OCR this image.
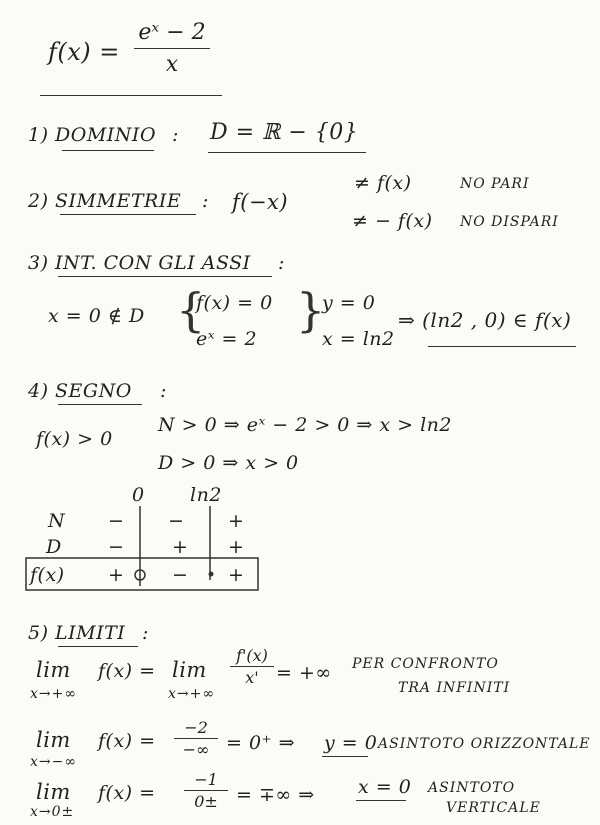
f(x) =
eˣ − 2
x
1) DOMINIO : D = ℝ − {0}
2) SIMMETRIE : f(−x)
≠ f(x)	NO PARI
≠ − f(x) NO DISPARI
3) INT. CON GLI ASSI :
x = 0 ∉ D {
f(x) = 0
eˣ = 2
}
y = 0
x = ln2
⇒ (ln2 , 0) ∈ f(x)
4) SEGNO :
f(x) > 0
N > 0 ⇒ eˣ − 2 > 0 ⇒ x > ln2
D > 0 ⇒ x > 0
0 ln2
N − − +
D −	+ +
f(x) +	− +
5) LIMITI :
lim
x→+∞
f(x) = lim
x→+∞
f'(x)
x' = +∞ PER CONFRONTO
TRA INFINITI
lim
x→−∞
f(x) =
−2
−∞ = 0⁺ ⇒ y = 0 ASINTOTO ORIZZONTALE
lim
x→0±
f(x) =
−1
0± = ∓∞ ⇒ x = 0 ASINTOTO
VERTICALE
